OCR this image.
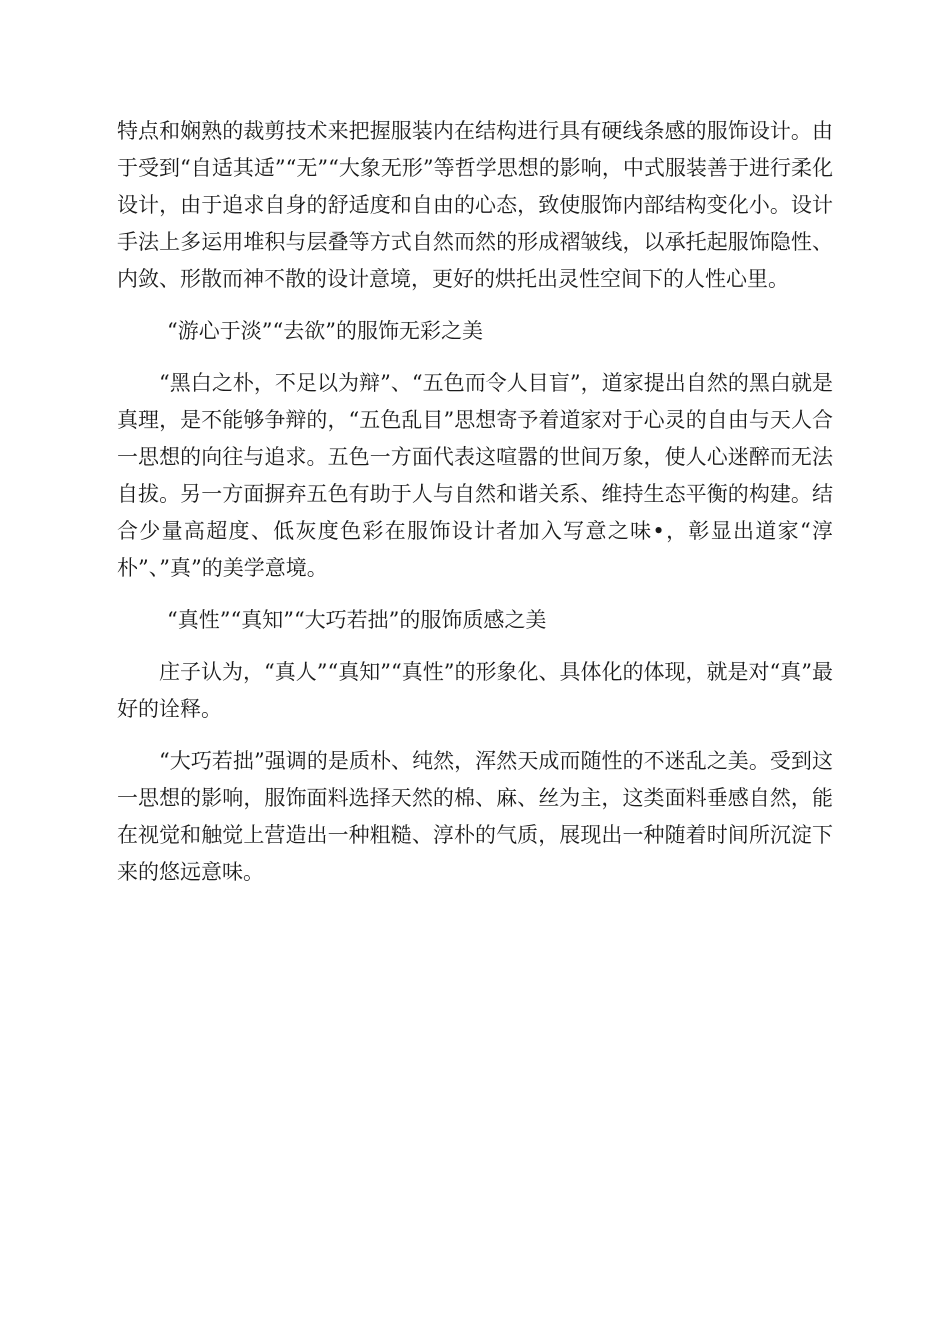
特点和娴熟的裁剪技术来把握服装内在结构进行具有硬线条感的服饰设计。由于受到“自适其适”“无”“大象无形”等哲学思想的影响，中式服装善于进行柔化设计，由于追求自身的舒适度和自由的心态，致使服饰内部结构变化小。设计手法上多运用堆积与层叠等方式自然而然的形成褶皱线，以承托起服饰隐性、内敛、形散而神不散的设计意境，更好的烘托出灵性空间下的人性心里。

“游心于淡”“去欲”的服饰无彩之美

“黑白之朴，不足以为辩”、“五色而令人目盲”，道家提出自然的黑白就是真理，是不能够争辩的，“五色乱目”思想寄予着道家对于心灵的自由与天人合一思想的向往与追求。五色一方面代表这喧嚣的世间万象，使人心迷醉而无法自拔。另一方面摒弃五色有助于人与自然和谐关系、维持生态平衡的构建。结合少量高超度、低灰度色彩在服饰设计者加入写意之味•，彰显出道家“淳朴”、”真”的美学意境。

“真性”“真知”“大巧若拙”的服饰质感之美

庄子认为，“真人”“真知”“真性”的形象化、具体化的体现，就是对“真”最好的诠释。

“大巧若拙”强调的是质朴、纯然，浑然天成而随性的不迷乱之美。受到这一思想的影响，服饰面料选择天然的棉、麻、丝为主，这类面料垂感自然，能在视觉和触觉上营造出一种粗糙、淳朴的气质，展现出一种随着时间所沉淀下来的悠远意味。
